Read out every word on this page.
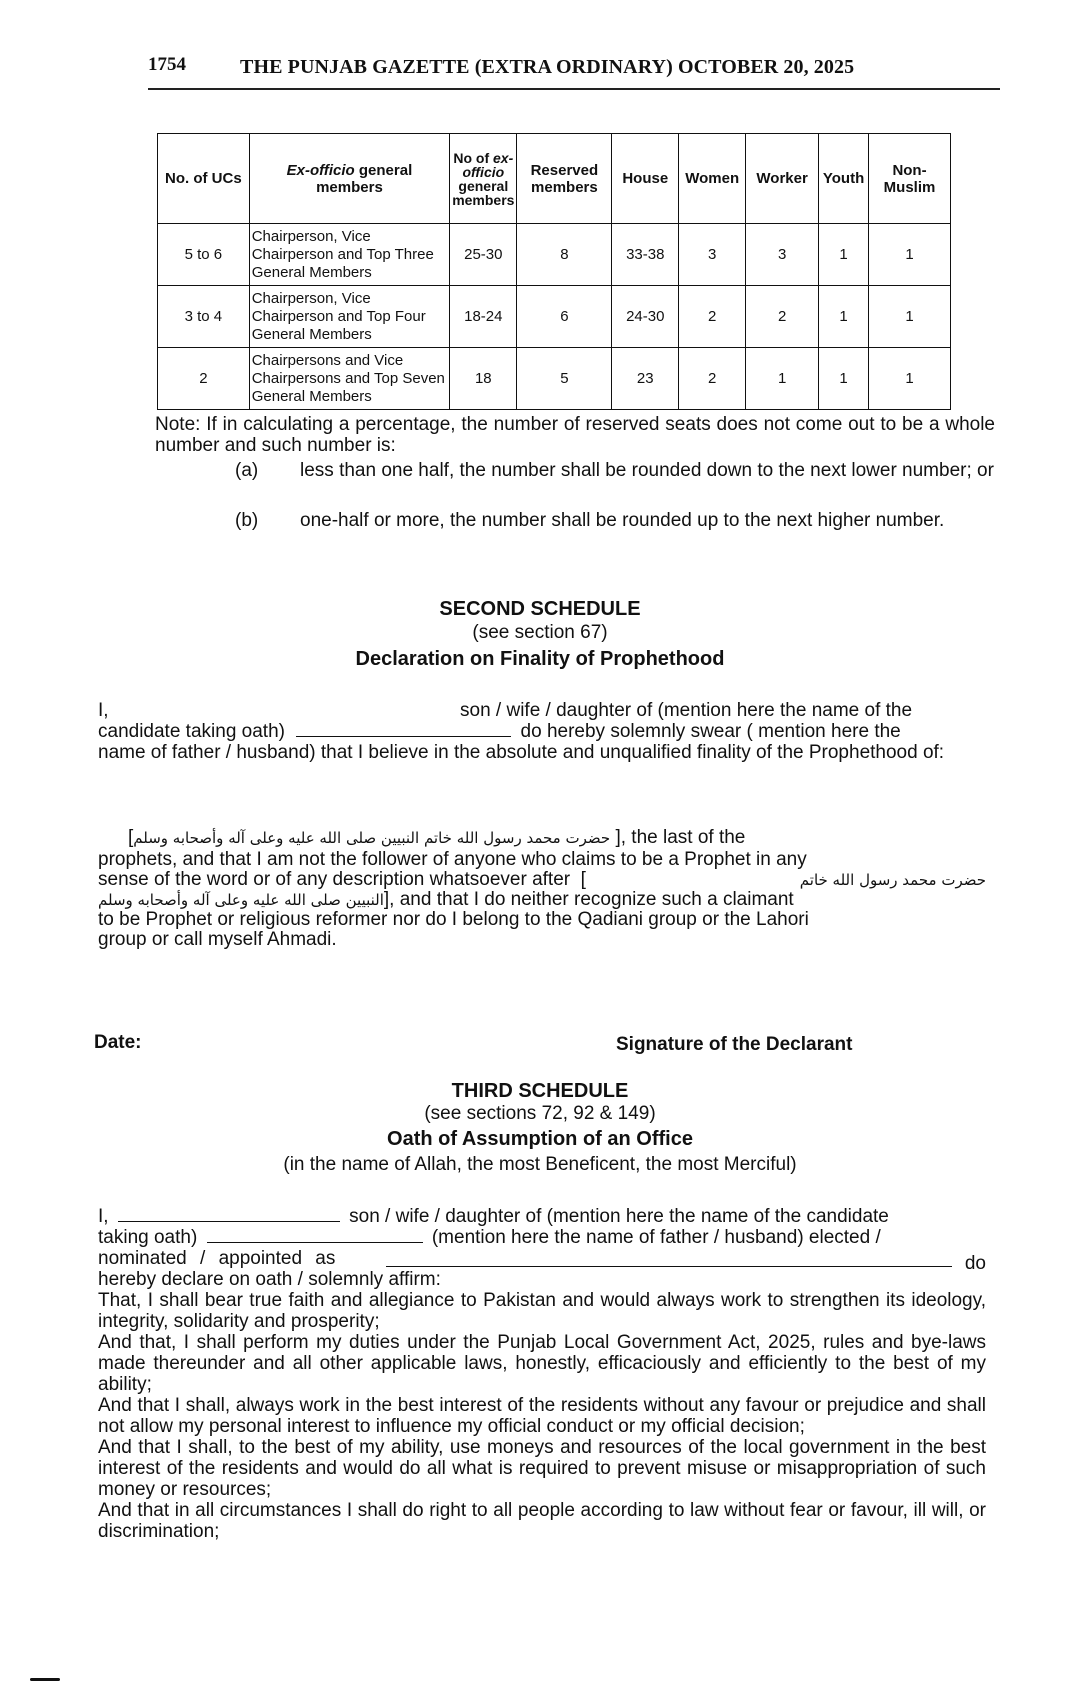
1754	THE PUNJAB GAZETTE (EXTRA ORDINARY) OCTOBER 20, 2025
No. of UCs	Ex-officio general members	No of ex-officio general members	Reserved members	House	Women	Worker	Youth	Non-Muslim
5 to 6	Chairperson, Vice Chairperson and Top Three General Members	25-30	8	33-38	3	3	1	1
3 to 4	Chairperson, Vice Chairperson and Top Four General Members	18-24	6	24-30	2	2	1	1
2	Chairpersons and Vice Chairpersons and Top Seven General Members	18	5	23	2	1	1	1
Note: If in calculating a percentage, the number of reserved seats does not come out to be a whole number and such number is:
(a) less than one half, the number shall be rounded down to the next lower number; or
(b) one-half or more, the number shall be rounded up to the next higher number.
SECOND SCHEDULE
(see section 67)
Declaration on Finality of Prophethood
I,	son / wife / daughter of (mention here the name of the
candidate taking oath)	do hereby solemnly swear ( mention here the
name of father / husband) that I believe in the absolute and unqualified finality of the Prophethood of:
[حضرت محمد رسول الله خاتم النبيين صلى الله عليه وعلى آله وأصحابه وسلم ], the last of the
prophets, and that I am not the follower of anyone who claims to be a Prophet in any
sense of the word or of any description whatsoever after  [	حضرت محمد رسول الله خاتم
النبيين صلى الله عليه وعلى آله وأصحابه وسلم], and that I do neither recognize such a claimant
to be Prophet or religious reformer nor do I belong to the Qadiani group or the Lahori
group or call myself Ahmadi.
Date:	Signature of the Declarant
THIRD SCHEDULE
(see sections 72, 92 & 149)
Oath of Assumption of an Office
(in the name of Allah, the most Beneficent, the most Merciful)
I,	son / wife / daughter of (mention here the name of the candidate
taking oath)	(mention here the name of father / husband) elected /
nominated / appointed as	do
hereby declare on oath / solemnly affirm:
That, I shall bear true faith and allegiance to Pakistan and would always work to strengthen its ideology, integrity, solidarity and prosperity;
And that, I shall perform my duties under the Punjab Local Government Act, 2025, rules and bye-laws made thereunder and all other applicable laws, honestly, efficaciously and efficiently to the best of my ability;
And that I shall, always work in the best interest of the residents without any favour or prejudice and shall not allow my personal interest to influence my official conduct or my official decision;
And that I shall, to the best of my ability, use moneys and resources of the local government in the best interest of the residents and would do all what is required to prevent misuse or misappropriation of such money or resources;
And that in all circumstances I shall do right to all people according to law without fear or favour, ill will, or discrimination;
